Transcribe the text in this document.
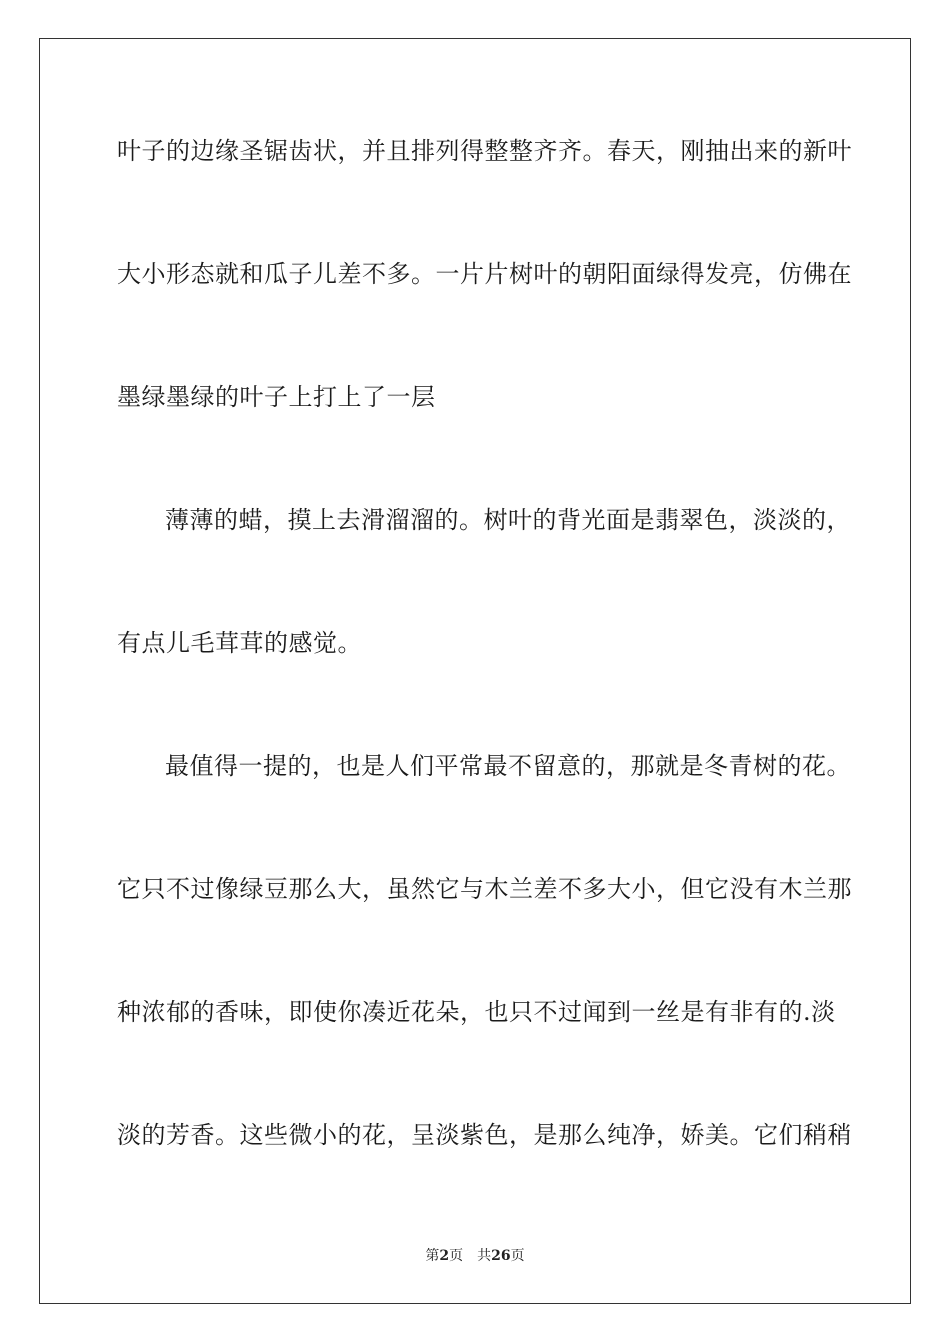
叶子的边缘圣锯齿状，并且排列得整整齐齐。春天，刚抽出来的新叶
大小形态就和瓜子儿差不多。一片片树叶的朝阳面绿得发亮，仿佛在
墨绿墨绿的叶子上打上了一层
薄薄的蜡，摸上去滑溜溜的。树叶的背光面是翡翠色，淡淡的，
有点儿毛茸茸的感觉。
最值得一提的，也是人们平常最不留意的，那就是冬青树的花。
它只不过像绿豆那么大，虽然它与木兰差不多大小，但它没有木兰那
种浓郁的香味，即使你凑近花朵，也只不过闻到一丝是有非有的.淡
淡的芳香。这些微小的花，呈淡紫色，是那么纯净，娇美。它们稍稍
第2页 共26页
